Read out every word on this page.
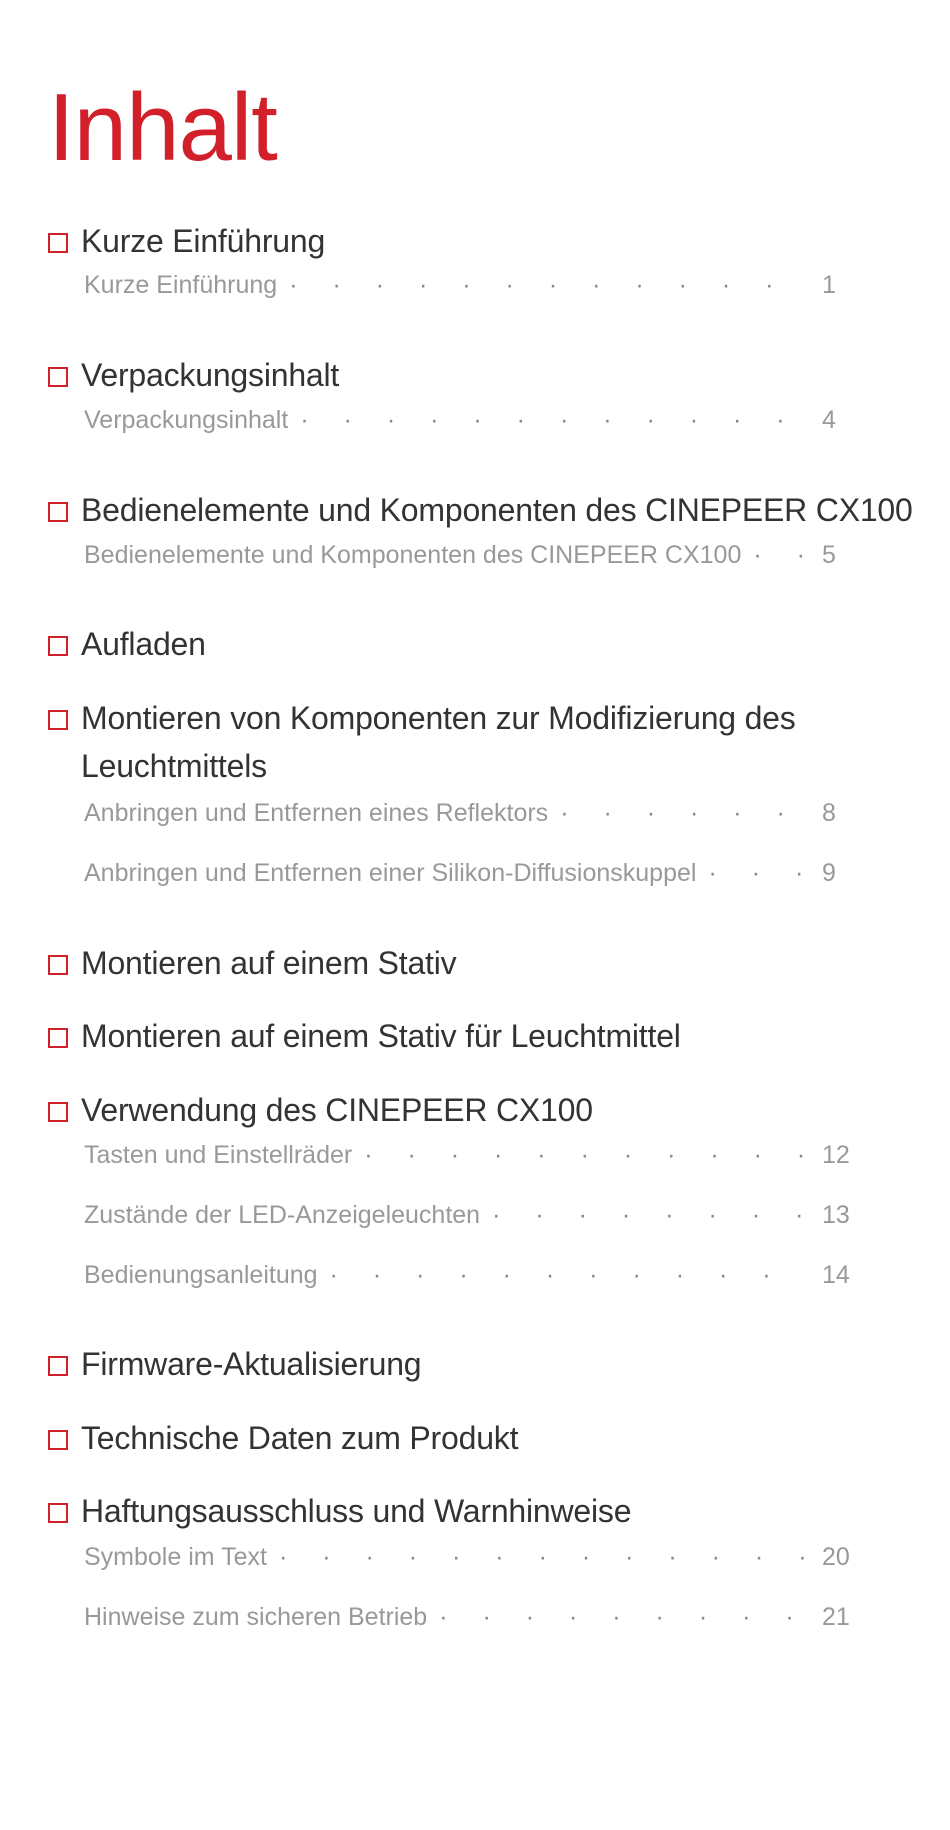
Inhalt
Kurze Einführung
Kurze Einführung · · ·	1
Verpackungsinhalt
Verpackungsinhalt · · ·	4
Bedienelemente und Komponenten des CINEPEER CX100
Bedienelemente und Komponenten des CINEPEER CX100 · · ·	5
Aufladen
Montieren von Komponenten zur Modifizierung des Leuchtmittels
Anbringen und Entfernen eines Reflektors · · ·	8
Anbringen und Entfernen einer Silikon-Diffusionskuppel · · ·	9
Montieren auf einem Stativ
Montieren auf einem Stativ für Leuchtmittel
Verwendung des CINEPEER CX100
Tasten und Einstellräder · · ·	12
Zustände der LED-Anzeigeleuchten · · ·	13
Bedienungsanleitung · · ·	14
Firmware-Aktualisierung
Technische Daten zum Produkt
Haftungsausschluss und Warnhinweise
Symbole im Text · · ·	20
Hinweise zum sicheren Betrieb · · ·	21
